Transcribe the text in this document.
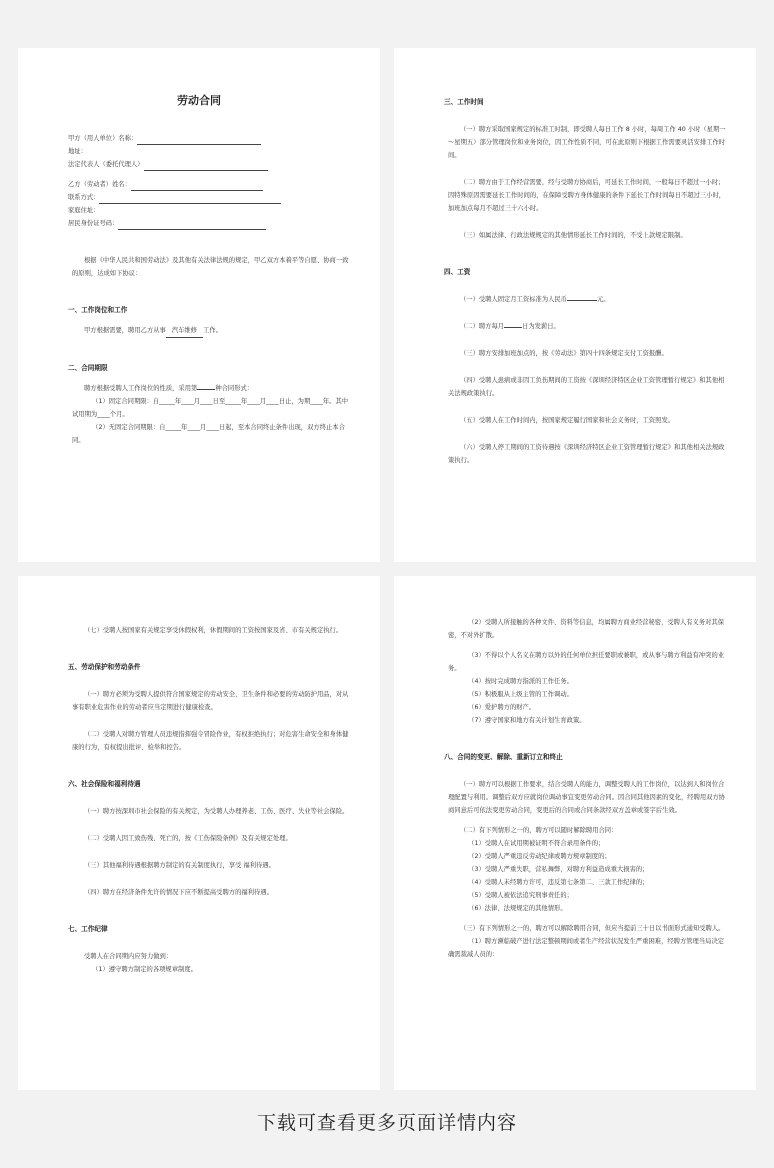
劳动合同
甲方（用人单位）名称：
地址：
法定代表人（委托代理人）
乙方（劳动者）姓名：
联系方式：
家庭住址：
居民身份证号码：

根据《中华人民共和国劳动法》及其他有关法律法规的规定，甲乙双方本着平等自愿、协商一致的原则，达成如下协议：

一、工作岗位和工作

甲方根据需要，聘用乙方从事 汽车维修 工作。

二、合同期限

聘方根据受聘人工作岗位的性质，采用第	种合同形式：

（1）固定合同期限：自_____年____月____日至_____年____月____日止，为期____年。其中试用期为____个月。

（2）无固定合同期限：自_____年____月____日起，至本合同终止条件出现，双方终止本合同。

三、工作时间

（一）聘方采取国家规定的标准工时制，即受聘人每日工作 8 小时，每周工作 40 小时（星期一～星期五）部分管理岗位和业务岗位，因工作性质不同，可在此原则下根据工作需要灵活安排工作时间。

（二）聘方由于工作经营需要，经与受聘方协商后，可延长工作时间，一般每日不超过一小时；因特殊原因需要延长工作时间的，在保障受聘方身体健康的条件下延长工作时间每日不超过三小时，加班加点每月不超过三十六小时。

（三）如属法律、行政法规规定的其他情形延长工作时间的，不受上款规定限制。

四、工资

（一）受聘人固定月工资标准为人民币	元。

（二）聘方每月	日为发薪日。

（三）聘方安排加班加点的，按《劳动法》第四十四条规定支付工资报酬。

（四）受聘人患病或非因工负伤期间的工资按《深圳经济特区企业工资管理暂行规定》和其他相关法规政策执行。

（五）受聘人在工作时间内，按国家规定履行国家和社会义务时，工资照发。

（六）受聘人停工期间的工资待遇按《深圳经济特区企业工资管理暂行规定》和其他相关法规政策执行。

（七）受聘人按国家有关规定享受休假权利，休假期间的工资按国家及省、市有关规定执行。

五、劳动保护和劳动条件

（一）聘方必须为受聘人提供符合国家规定的劳动安全、卫生条件和必要的劳动防护用品，对从事有职业危害作业的劳动者应当定期进行健康检查。

（二）受聘人对聘方管理人员违规指挥强令冒险作业，有权拒绝执行；对危害生命安全和身体健康的行为，有权提出批评、检举和控告。

六、社会保险和福利待遇

（一）聘方按深圳市社会保险的有关规定，为受聘人办理养老、工伤、医疗、失业等社会保险。

（二）受聘人因工致伤残、死亡的，按《工伤保险条例》及有关规定处理。

（三）其他福利待遇根据聘方制定的有关制度执行，享受 福利待遇。

（四）聘方在经济条件允许的情况下应不断提高受聘方的福利待遇。

七、工作纪律

受聘人在合同期内应努力做到：

（1）遵守聘方制定的各项规章制度。

（2）受聘人所接触的各种文件、资料等信息，均属聘方商业经营秘密，受聘人有义务对其保密，不对外扩散。

（3）不得以个人名义在聘方以外的任何单位担任要职或兼职，或从事与聘方利益有冲突的业务。

（4）按时完成聘方指派的工作任务。

（5）积极服从上级主管的工作调动。

（6）爱护聘方的财产。

（7）遵守国家和地方有关计划生育政策。

八、合同的变更、解除、重新订立和终止

（一）聘方可以根据工作要求，结合受聘人的能力，调整受聘人的工作岗位，以达到人和岗位合理配置与利用。调整后双方应就岗位调动事宜变更劳动合同。因合同其他因素的变化，经聘用双方协商同意后可依法变更劳动合同，变更后的合同或合同条款经双方盖章或签字后生效。

（二）有下列情形之一的，聘方可以随时解除聘用合同：

（1）受聘人在试用期被证明不符合录用条件的；

（2）受聘人严重违反劳动纪律或聘方规章制度的；

（3）受聘人严重失职，营私舞弊，对聘方利益造成重大损害的；

（4）受聘人未经聘方许可，违反第七条第二、三款工作纪律的；

（5）受聘人被依法追究刑事责任的；

（6）法律、法规规定的其他情形。

（三）有下列情形之一的，聘方可以解除聘用合同，但应当提前三十日以书面形式通知受聘人。

（1）聘方濒临破产进行法定整顿期间或者生产经营状况发生严重困难，经聘方管理当局决定确需裁减人员的：

下载可查看更多页面详情内容
